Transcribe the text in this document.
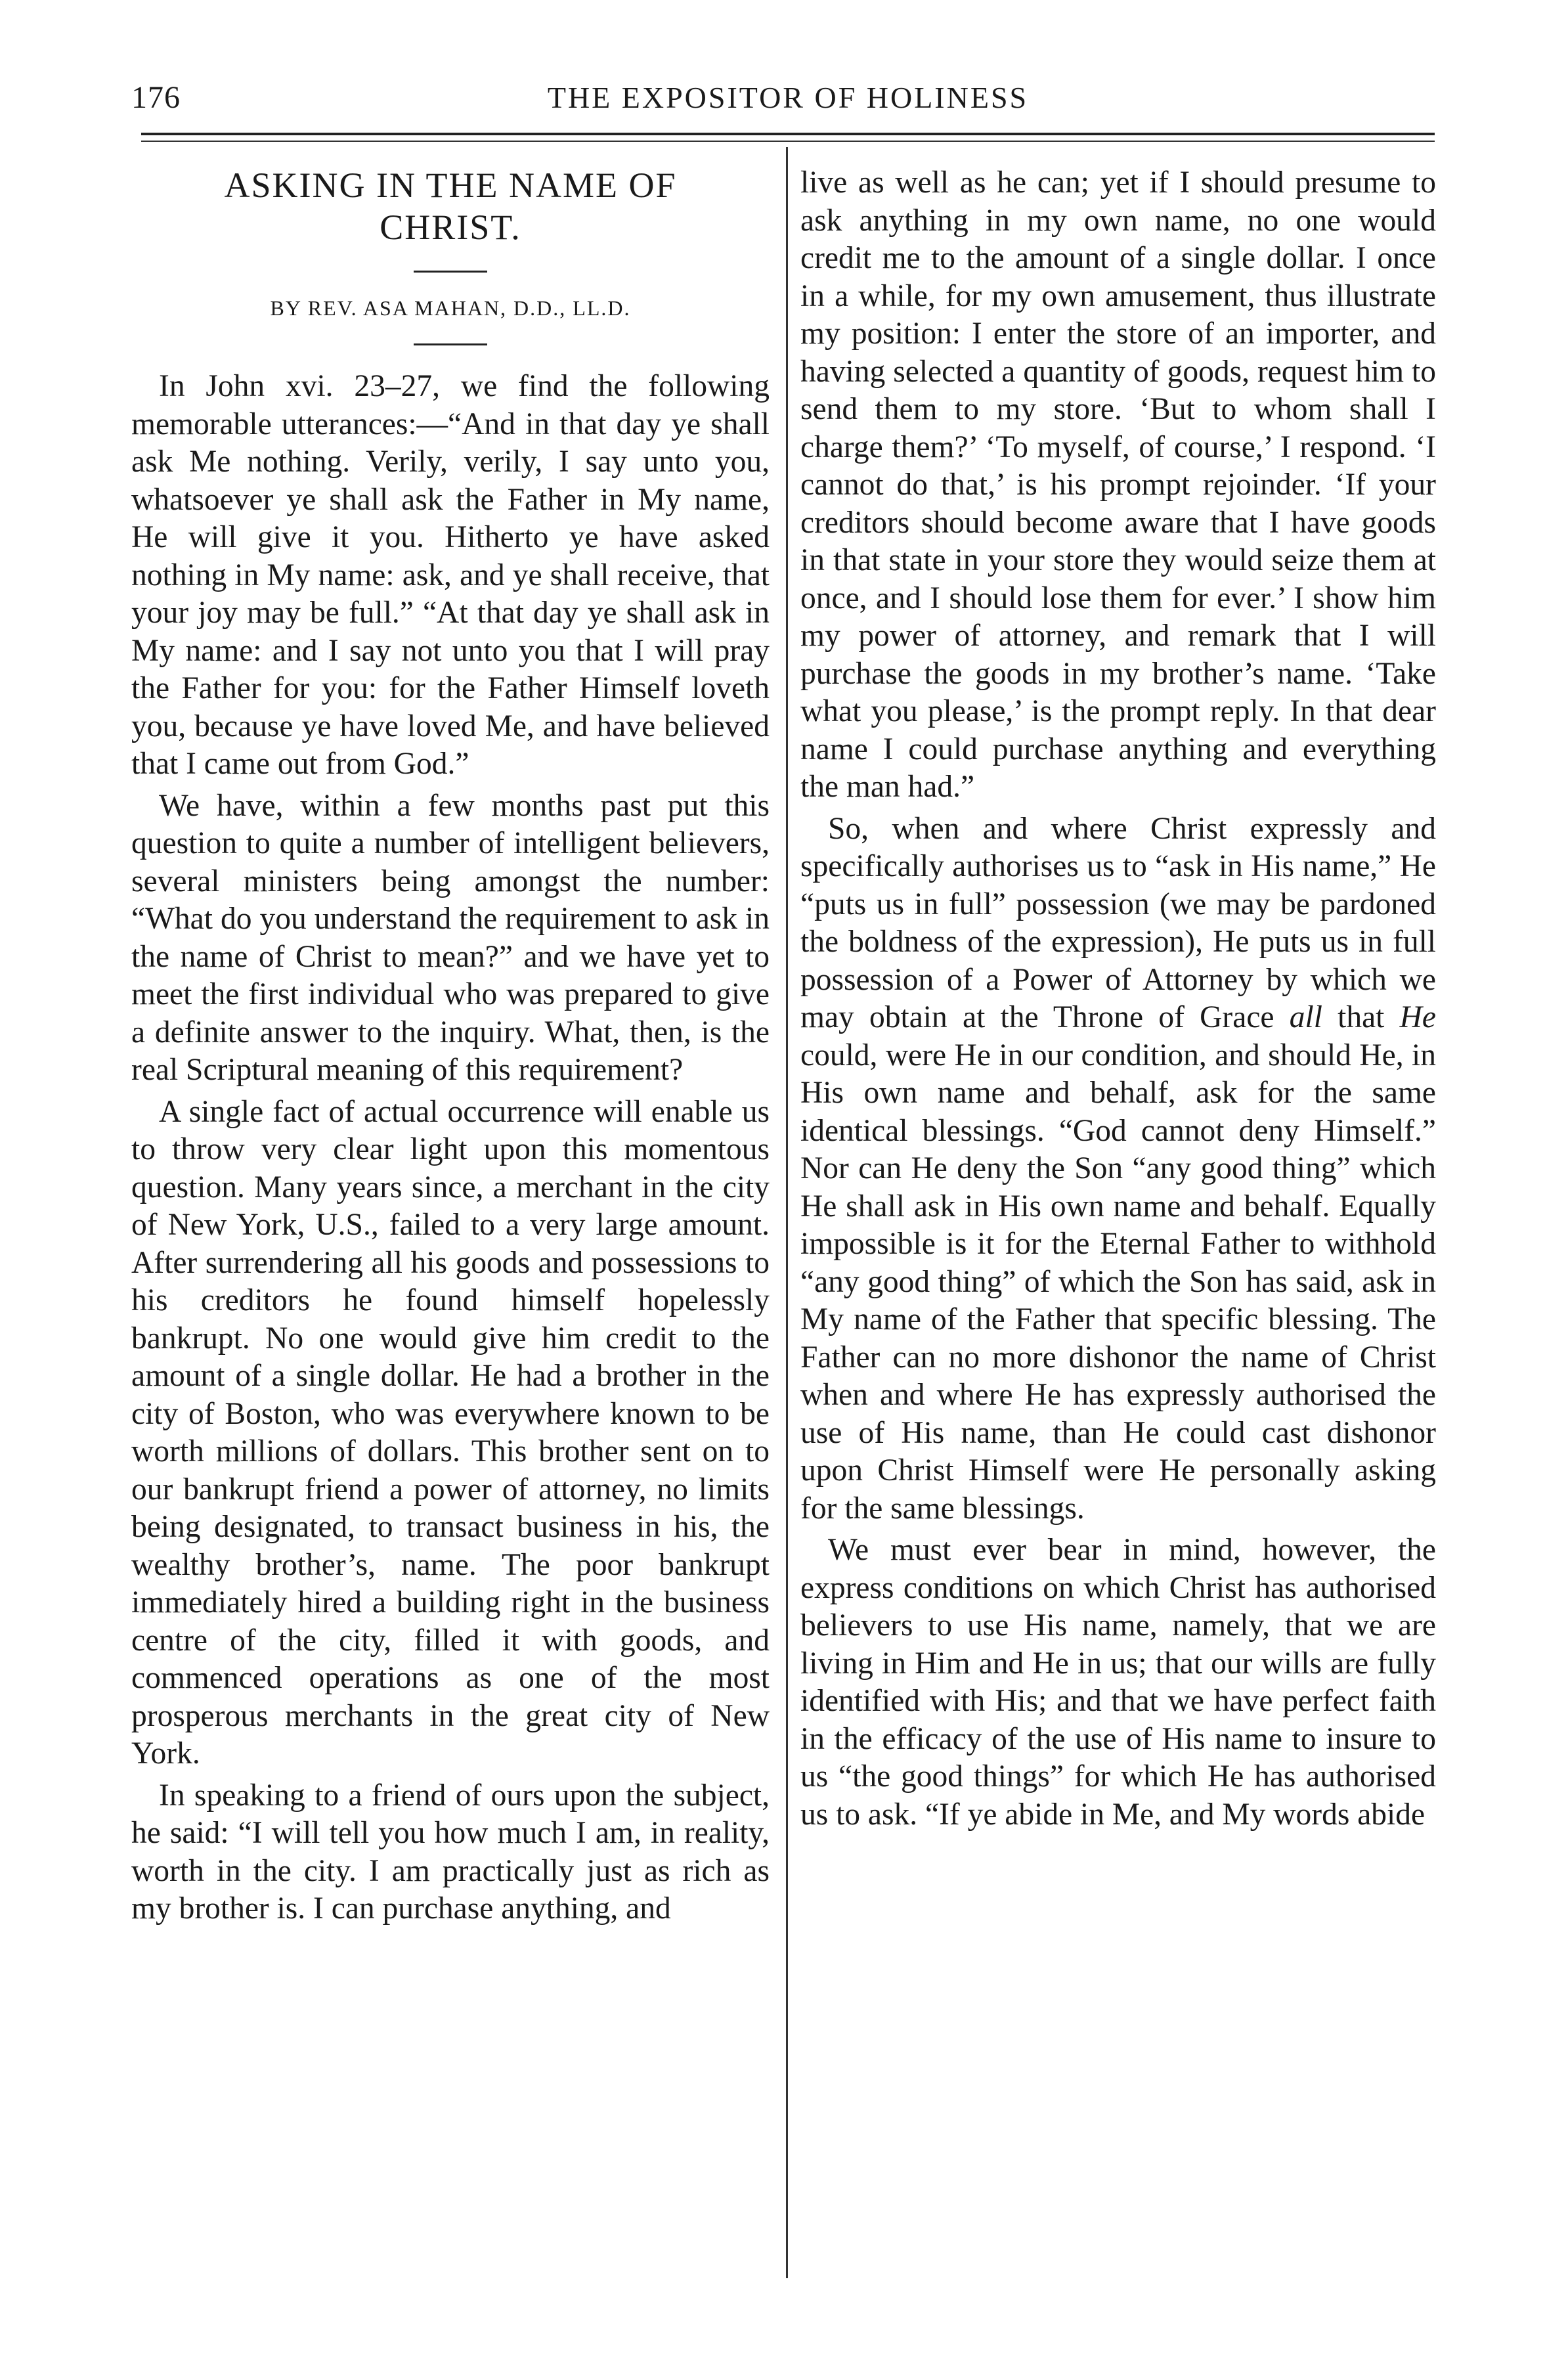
176	THE EXPOSITOR OF HOLINESS
ASKING IN THE NAME OF CHRIST.
BY REV. ASA MAHAN, D.D., LL.D.

In John xvi. 23–27, we find the following memorable utterances:—“And in that day ye shall ask Me nothing. Verily, verily, I say unto you, whatsoever ye shall ask the Father in My name, He will give it you. Hitherto ye have asked nothing in My name: ask, and ye shall receive, that your joy may be full.” “At that day ye shall ask in My name: and I say not unto you that I will pray the Father for you: for the Father Himself loveth you, because ye have loved Me, and have believed that I came out from God.”

We have, within a few months past put this question to quite a number of intelligent believers, several ministers being amongst the number: “What do you understand the requirement to ask in the name of Christ to mean?” and we have yet to meet the first individual who was prepared to give a definite answer to the inquiry. What, then, is the real Scriptural meaning of this requirement?

A single fact of actual occurrence will enable us to throw very clear light upon this momentous question. Many years since, a merchant in the city of New York, U.S., failed to a very large amount. After surrendering all his goods and possessions to his creditors he found himself hopelessly bankrupt. No one would give him credit to the amount of a single dollar. He had a brother in the city of Boston, who was everywhere known to be worth millions of dollars. This brother sent on to our bankrupt friend a power of attorney, no limits being designated, to transact business in his, the wealthy brother’s, name. The poor bankrupt immediately hired a building right in the business centre of the city, filled it with goods, and commenced operations as one of the most prosperous merchants in the great city of New York.

In speaking to a friend of ours upon the subject, he said: “I will tell you how much I am, in reality, worth in the city. I am practically just as rich as my brother is. I can purchase anything, and

live as well as he can; yet if I should presume to ask anything in my own name, no one would credit me to the amount of a single dollar. I once in a while, for my own amusement, thus illustrate my position: I enter the store of an importer, and having selected a quantity of goods, request him to send them to my store. ‘But to whom shall I charge them?’ ‘To myself, of course,’ I respond. ‘I cannot do that,’ is his prompt rejoinder. ‘If your creditors should become aware that I have goods in that state in your store they would seize them at once, and I should lose them for ever.’ I show him my power of attorney, and remark that I will purchase the goods in my brother’s name. ‘Take what you please,’ is the prompt reply. In that dear name I could purchase anything and everything the man had.”

So, when and where Christ expressly and specifically authorises us to “ask in His name,” He “puts us in full” possession (we may be pardoned the boldness of the expression), He puts us in full possession of a Power of Attorney by which we may obtain at the Throne of Grace all that He could, were He in our condition, and should He, in His own name and behalf, ask for the same identical blessings. “God cannot deny Himself.” Nor can He deny the Son “any good thing” which He shall ask in His own name and behalf. Equally impossible is it for the Eternal Father to withhold “any good thing” of which the Son has said, ask in My name of the Father that specific blessing. The Father can no more dishonor the name of Christ when and where He has expressly authorised the use of His name, than He could cast dishonor upon Christ Himself were He personally asking for the same blessings.

We must ever bear in mind, however, the express conditions on which Christ has authorised believers to use His name, namely, that we are living in Him and He in us; that our wills are fully identified with His; and that we have perfect faith in the efficacy of the use of His name to insure to us “the good things” for which He has authorised us to ask. “If ye abide in Me, and My words abide
